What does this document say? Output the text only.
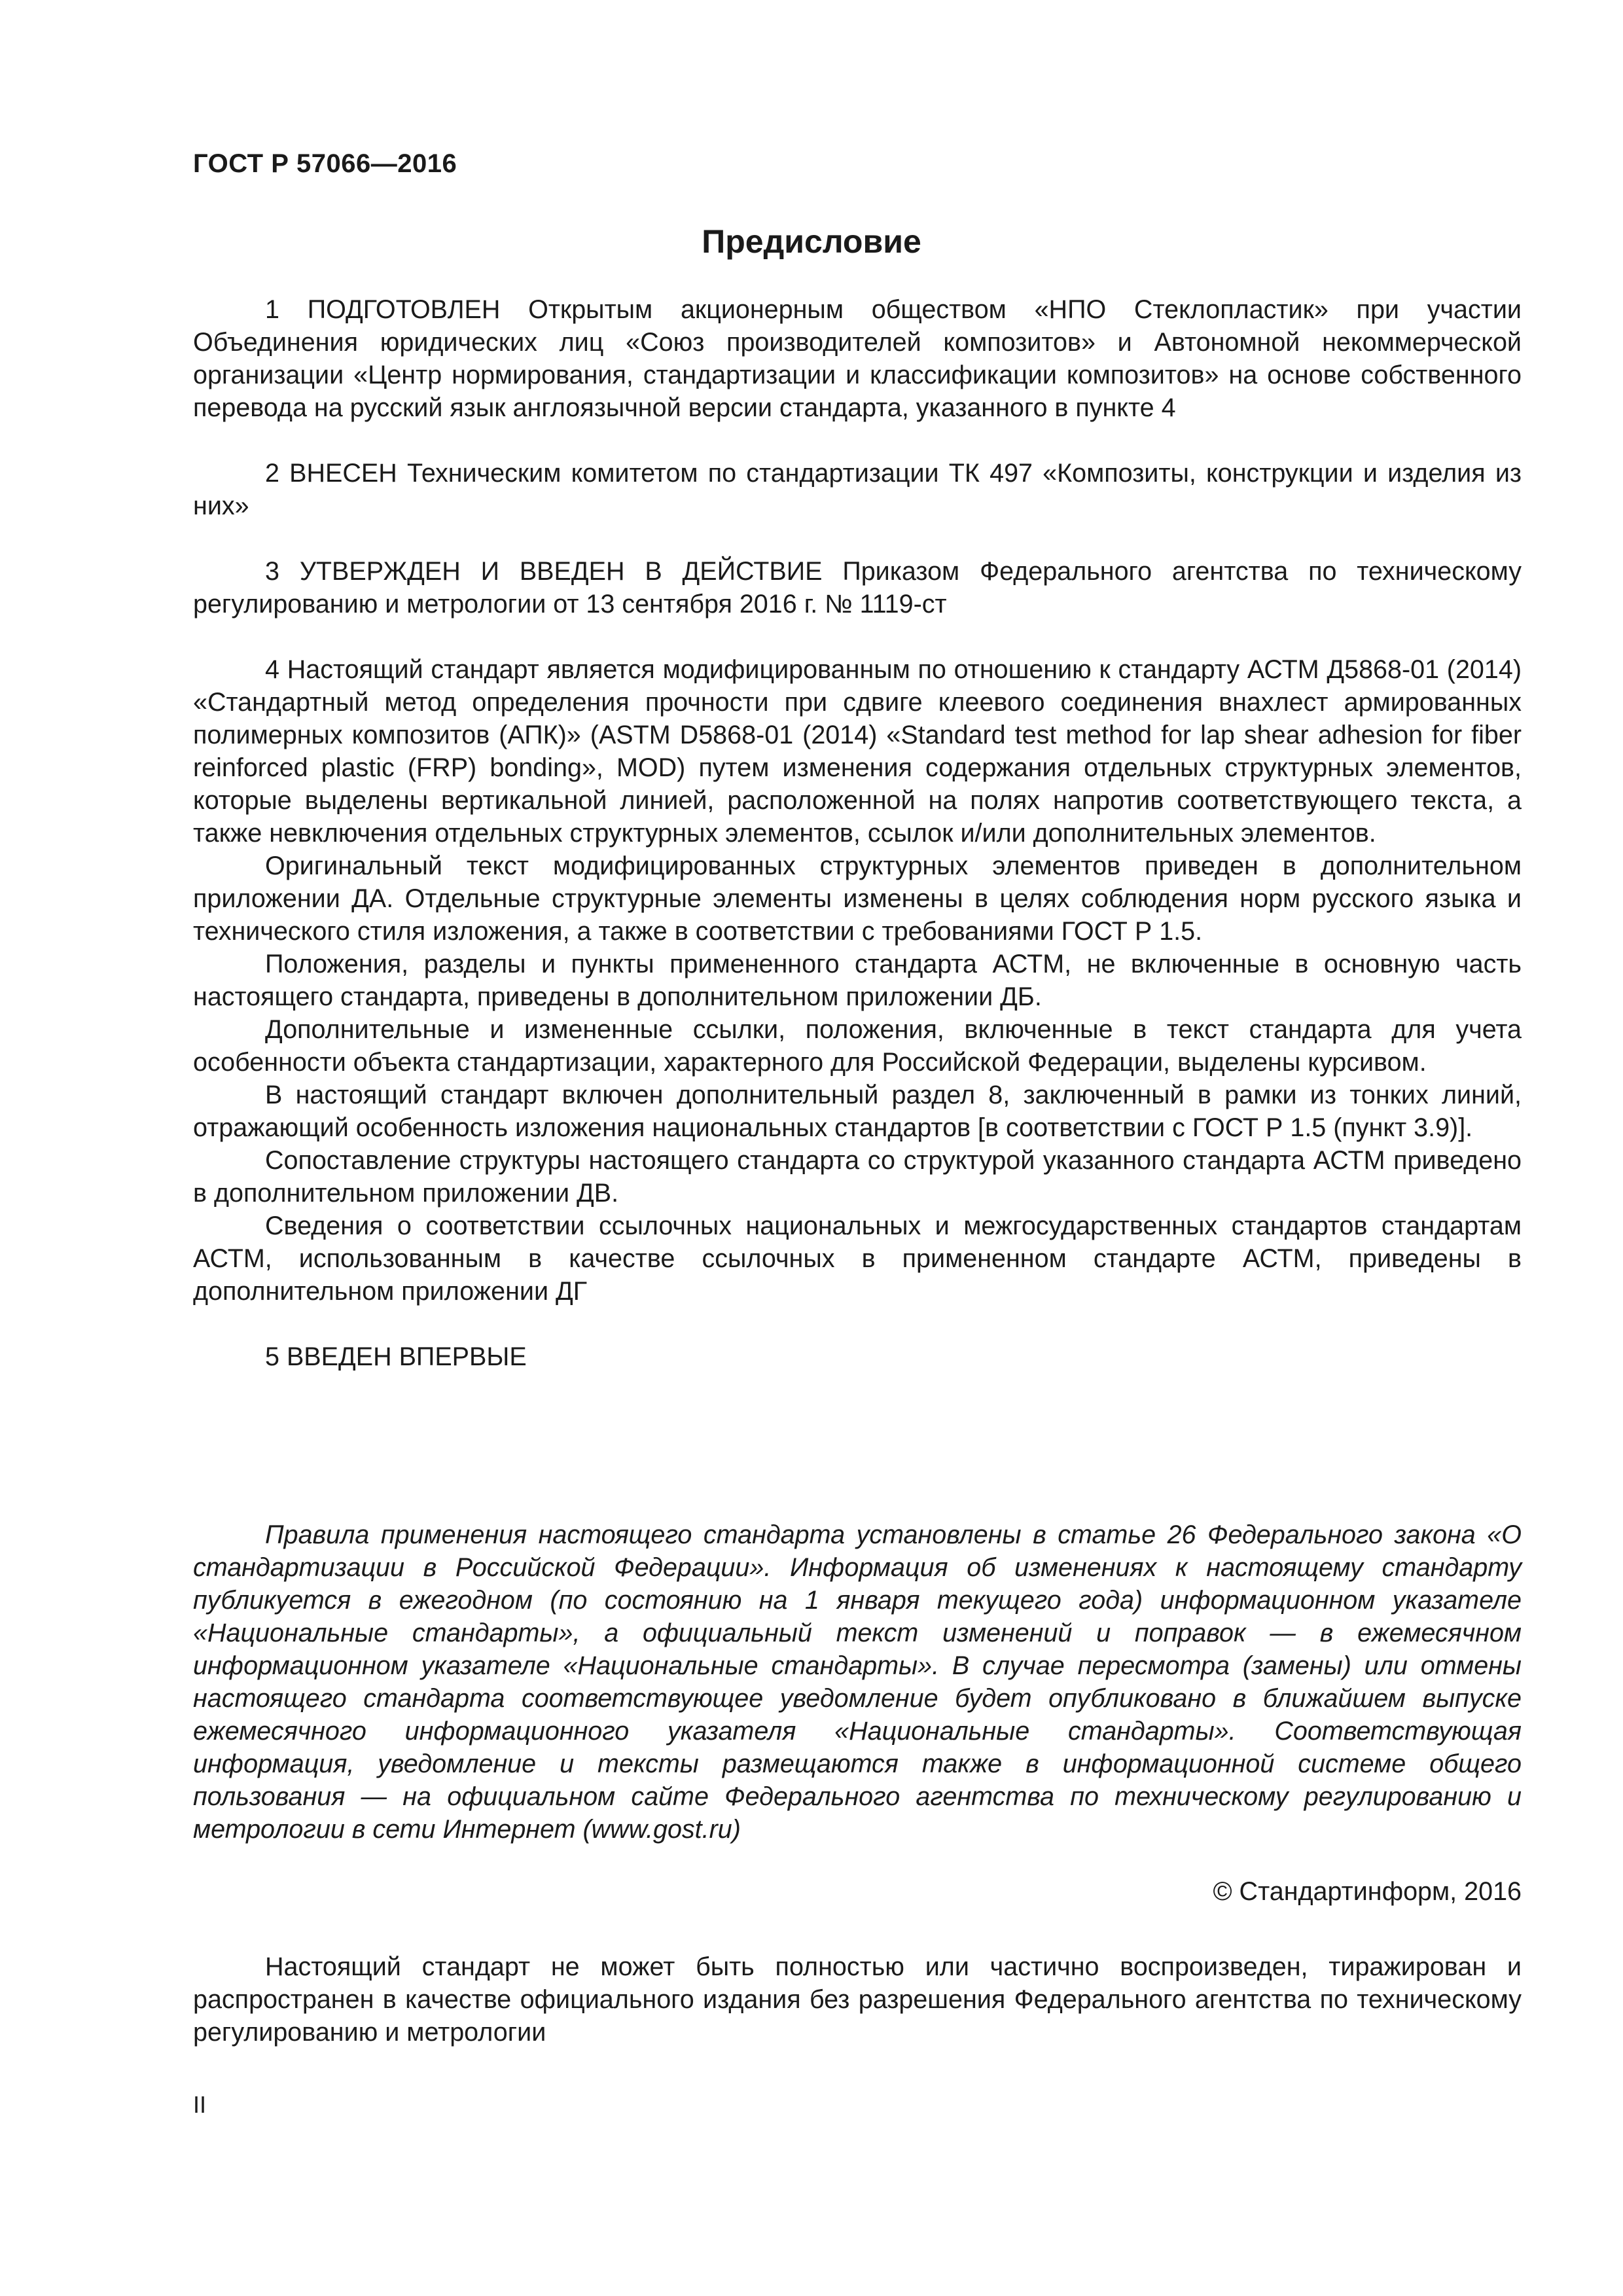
ГОСТ Р 57066—2016
Предисловие

1 ПОДГОТОВЛЕН Открытым акционерным обществом «НПО Стеклопластик» при участии Объединения юридических лиц «Союз производителей композитов» и Автономной некоммерческой организации «Центр нормирования, стандартизации и классификации композитов» на основе собственного перевода на русский язык англоязычной версии стандарта, указанного в пункте 4

2 ВНЕСЕН Техническим комитетом по стандартизации ТК 497 «Композиты, конструкции и изделия из них»

3 УТВЕРЖДЕН И ВВЕДЕН В ДЕЙСТВИЕ Приказом Федерального агентства по техническому регулированию и метрологии от 13 сентября 2016 г. № 1119-ст

4 Настоящий стандарт является модифицированным по отношению к стандарту АСТМ Д5868-01 (2014) «Стандартный метод определения прочности при сдвиге клеевого соединения внахлест армированных полимерных композитов (АПК)» (ASTM D5868-01 (2014) «Standard test method for lap shear adhesion for fiber reinforced plastic (FRP) bonding», MOD) путем изменения содержания отдельных структурных элементов, которые выделены вертикальной линией, расположенной на полях напротив соответствующего текста, а также невключения отдельных структурных элементов, ссылок и/или дополнительных элементов.

Оригинальный текст модифицированных структурных элементов приведен в дополнительном приложении ДА. Отдельные структурные элементы изменены в целях соблюдения норм русского языка и технического стиля изложения, а также в соответствии с требованиями ГОСТ Р 1.5.

Положения, разделы и пункты примененного стандарта АСТМ, не включенные в основную часть настоящего стандарта, приведены в дополнительном приложении ДБ.

Дополнительные и измененные ссылки, положения, включенные в текст стандарта для учета особенности объекта стандартизации, характерного для Российской Федерации, выделены курсивом.

В настоящий стандарт включен дополнительный раздел 8, заключенный в рамки из тонких линий, отражающий особенность изложения национальных стандартов [в соответствии с ГОСТ Р 1.5 (пункт 3.9)].

Сопоставление структуры настоящего стандарта со структурой указанного стандарта АСТМ приведено в дополнительном приложении ДВ.

Сведения о соответствии ссылочных национальных и межгосударственных стандартов стандартам АСТМ, использованным в качестве ссылочных в примененном стандарте АСТМ, приведены в дополнительном приложении ДГ

5 ВВЕДЕН ВПЕРВЫЕ

Правила применения настоящего стандарта установлены в статье 26 Федерального закона «О стандартизации в Российской Федерации». Информация об изменениях к настоящему стандарту публикуется в ежегодном (по состоянию на 1 января текущего года) информационном указателе «Национальные стандарты», а официальный текст изменений и поправок — в ежемесячном информационном указателе «Национальные стандарты». В случае пересмотра (замены) или отмены настоящего стандарта соответствующее уведомление будет опубликовано в ближайшем выпуске ежемесячного информационного указателя «Национальные стандарты». Соответствующая информация, уведомление и тексты размещаются также в информационной системе общего пользования — на официальном сайте Федерального агентства по техническому регулированию и метрологии в сети Интернет (www.gost.ru)

© Стандартинформ, 2016

Настоящий стандарт не может быть полностью или частично воспроизведен, тиражирован и распространен в качестве официального издания без разрешения Федерального агентства по техническому регулированию и метрологии

II
